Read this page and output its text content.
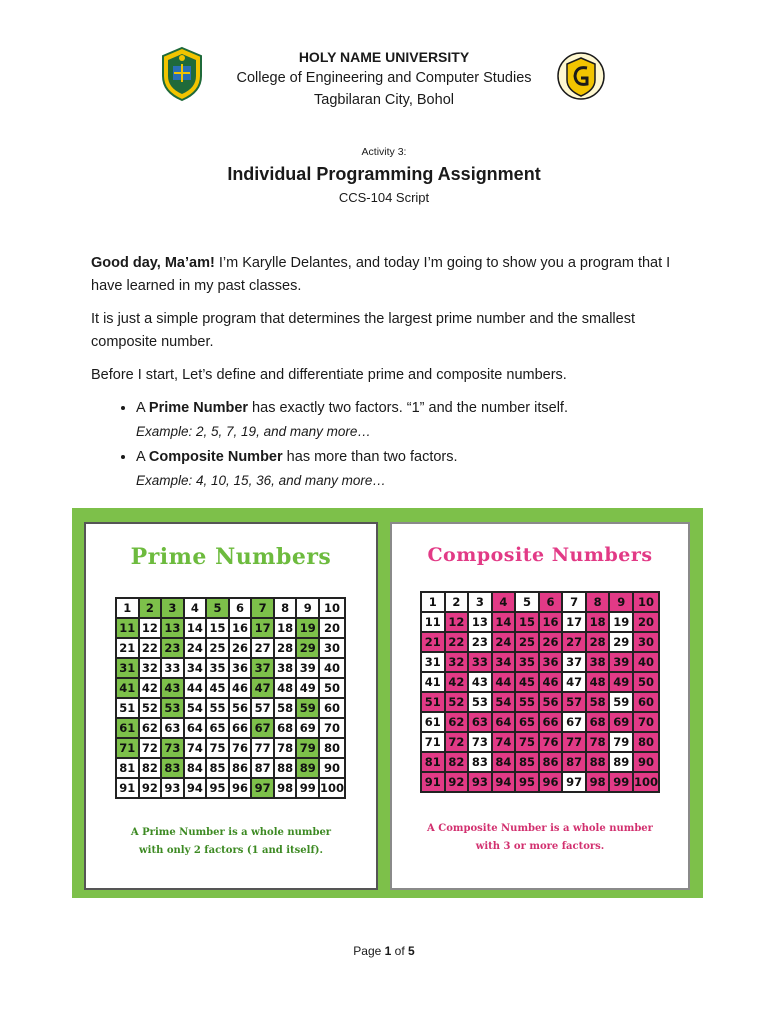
HOLY NAME UNIVERSITY
College of Engineering and Computer Studies
Tagbilaran City, Bohol
Activity 3:
Individual Programming Assignment
CCS-104 Script

Good day, Ma’am! I’m Karylle Delantes, and today I’m going to show you a program that I have learned in my past classes.

It is just a simple program that determines the largest prime number and the smallest composite number.

Before I start, Let’s define and differentiate prime and composite numbers.

• A Prime Number has exactly two factors. “1” and the number itself.
Example: 2, 5, 7, 19, and many more…
• A Composite Number has more than two factors.
Example: 4, 10, 15, 36, and many more…
Prime Numbers
1	2	3	4	5	6	7	8	9	10
11 12 13 14 15 16 17 18 19 20
21 22 23 24 25 26 27 28 29 30
31 32 33 34 35 36 37 38 39 40
41 42 43 44 45 46 47 48 49 50
51 52 53 54 55 56 57 58 59 60
61 62 63 64 65 66 67 68 69 70
71 72 73 74 75 76 77 78 79 80
81 82 83 84 85 86 87 88 89 90
91 92 93 94 95 96 97 98 99 100
A Prime Number is a whole number
with only 2 factors (1 and itself).
Composite Numbers
1	2	3	4	5	6	7	8	9	10
11 12 13 14 15 16 17 18 19 20
21 22 23 24 25 26 27 28 29 30
31 32 33 34 35 36 37 38 39 40
41 42 43 44 45 46 47 48 49 50
51 52 53 54 55 56 57 58 59 60
61 62 63 64 65 66 67 68 69 70
71 72 73 74 75 76 77 78 79 80
81 82 83 84 85 86 87 88 89 90
91 92 93 94 95 96 97 98 99 100
A Composite Number is a whole number
with 3 or more factors.
Page 1 of 5
